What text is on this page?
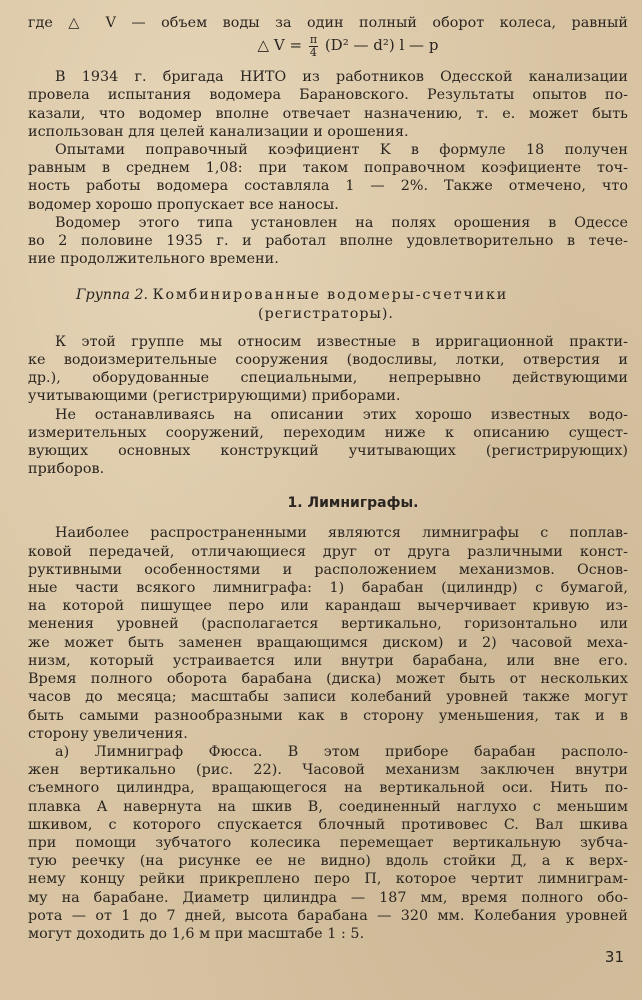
где △ V — объем воды за один полный оборот колеса, равный
△ $V = \frac{\pi}{4} (D^2$ — d²) l — p
В 1934 г. бригада НИТО из работников Одесской канализации
провела испытания водомера Барановского. Результаты опытов по-
казали, что водомер вполне отвечает назначению, т. е. может быть
использован для целей канализации и орошения.
Опытами поправочный коэфициент K в формуле 18 получен
равным в среднем 1,08: при таком поправочном коэфициенте точ-
ность работы водомера составляла 1 — 2%. Также отмечено, что
водомер хорошо пропускает все наносы.
Водомер этого типа установлен на полях орошения в Одессе
во 2 половине 1935 г. и работал вполне удовлетворительно в тече-
ние продолжительного времени.
Группа 2. Комбинированные водомеры-счетчики
(регистраторы).
К этой группе мы относим известные в ирригационной практи-
ке водоизмерительные сооружения (водосливы, лотки, отверстия и
др.), оборудованные специальными, непрерывно действующими
учитывающими (регистрирующими) приборами.
Не останавливаясь на описании этих хорошо известных водо-
измерительных сооружений, переходим ниже к описанию сущест-
вующих основных конструкций учитывающих (регистрирующих)
приборов.
1. Лимниграфы.
Наиболее распространенными являются лимниграфы с поплав-
ковой передачей, отличающиеся друг от друга различными конст-
руктивными особенностями и расположением механизмов. Основ-
ные части всякого лимниграфа: 1) барабан (цилиндр) с бумагой,
на которой пишущее перо или карандаш вычерчивает кривую из-
менения уровней (располагается вертикально, горизонтально или
же может быть заменен вращающимся диском) и 2) часовой меха-
низм, который устраивается или внутри барабана, или вне его.
Время полного оборота барабана (диска) может быть от нескольких
часов до месяца; масштабы записи колебаний уровней также могут
быть самыми разнообразными как в сторону уменьшения, так и в
сторону увеличения.
а) Лимниграф Фюсса. В этом приборе барабан располо-
жен вертикально (рис. 22). Часовой механизм заключен внутри
съемного цилиндра, вращающегося на вертикальной оси. Нить по-
плавка A навернута на шкив B, соединенный наглухо с меньшим
шкивом, с которого спускается блочный противовес C. Вал шкива
при помощи зубчатого колесика перемещает вертикальную зубча-
тую реечку (на рисунке ее не видно) вдоль стойки Д, а к верх-
нему концу рейки прикреплено перо П, которое чертит лимниграм-
му на барабане. Диаметр цилиндра — 187 мм, время полного обо-
рота — от 1 до 7 дней, высота барабана — 320 мм. Колебания уровней
могут доходить до 1,6 м при масштабе 1 : 5.
31
